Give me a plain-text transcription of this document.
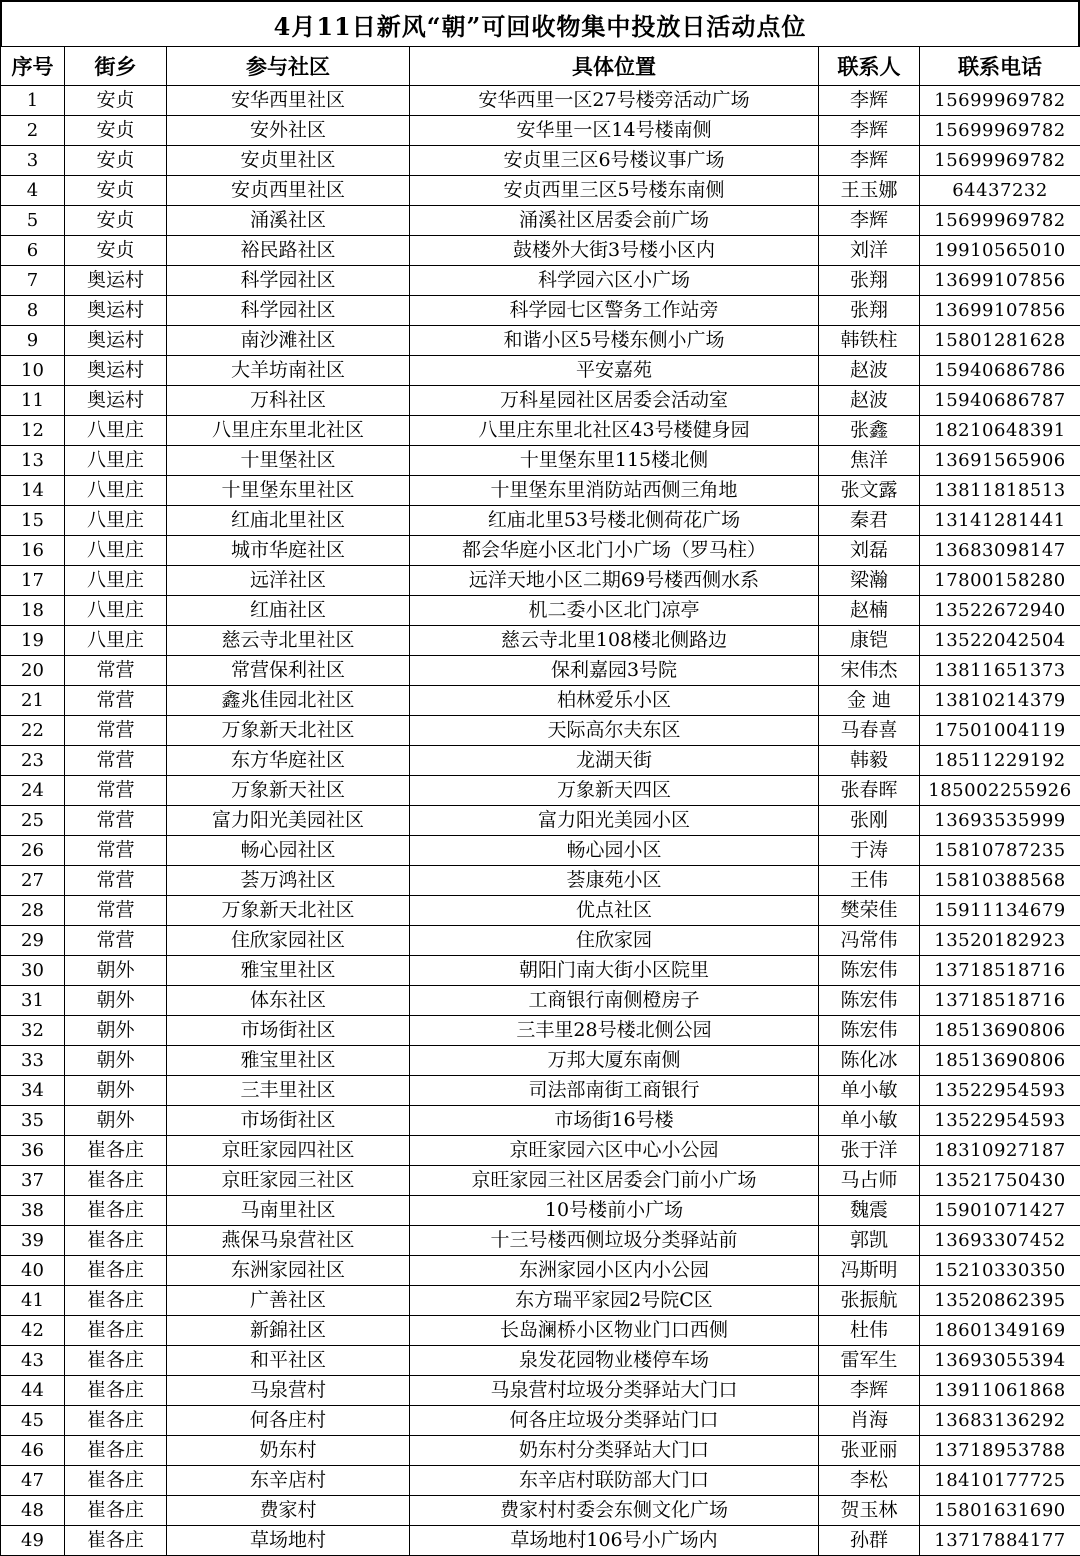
4月11日新风“朝”可回收物集中投放日活动点位
序号	街乡	参与社区	具体位置	联系人	联系电话
1	安贞	安华西里社区	安华西里一区27号楼旁活动广场	李辉	15699969782
2	安贞	安外社区	安华里一区14号楼南侧	李辉	15699969782
3	安贞	安贞里社区	安贞里三区6号楼议事广场	李辉	15699969782
4	安贞	安贞西里社区	安贞西里三区5号楼东南侧	王玉娜	64437232
5	安贞	涌溪社区	涌溪社区居委会前广场	李辉	15699969782
6	安贞	裕民路社区	鼓楼外大街3号楼小区内	刘洋	19910565010
7	奥运村	科学园社区	科学园六区小广场	张翔	13699107856
8	奥运村	科学园社区	科学园七区警务工作站旁	张翔	13699107856
9	奥运村	南沙滩社区	和谐小区5号楼东侧小广场	韩铁柱	15801281628
10	奥运村	大羊坊南社区	平安嘉苑	赵波	15940686786
11	奥运村	万科社区	万科星园社区居委会活动室	赵波	15940686787
12	八里庄	八里庄东里北社区	八里庄东里北社区43号楼健身园	张鑫	18210648391
13	八里庄	十里堡社区	十里堡东里115楼北侧	焦洋	13691565906
14	八里庄	十里堡东里社区	十里堡东里消防站西侧三角地	张文露	13811818513
15	八里庄	红庙北里社区	红庙北里53号楼北侧荷花广场	秦君	13141281441
16	八里庄	城市华庭社区	都会华庭小区北门小广场（罗马柱）	刘磊	13683098147
17	八里庄	远洋社区	远洋天地小区二期69号楼西侧水系	梁瀚	17800158280
18	八里庄	红庙社区	机二委小区北门凉亭	赵楠	13522672940
19	八里庄	慈云寺北里社区	慈云寺北里108楼北侧路边	康铠	13522042504
20	常营	常营保利社区	保利嘉园3号院	宋伟杰	13811651373
21	常营	鑫兆佳园北社区	柏林爱乐小区	金 迪	13810214379
22	常营	万象新天北社区	天际高尔夫东区	马春喜	17501004119
23	常营	东方华庭社区	龙湖天街	韩毅	18511229192
24	常营	万象新天社区	万象新天四区	张春晖	185002255926
25	常营	富力阳光美园社区	富力阳光美园小区	张刚	13693535999
26	常营	畅心园社区	畅心园小区	于涛	15810787235
27	常营	荟万鸿社区	荟康苑小区	王伟	15810388568
28	常营	万象新天北社区	优点社区	樊荣佳	15911134679
29	常营	住欣家园社区	住欣家园	冯常伟	13520182923
30	朝外	雅宝里社区	朝阳门南大街小区院里	陈宏伟	13718518716
31	朝外	体东社区	工商银行南侧橙房子	陈宏伟	13718518716
32	朝外	市场街社区	三丰里28号楼北侧公园	陈宏伟	18513690806
33	朝外	雅宝里社区	万邦大厦东南侧	陈化冰	18513690806
34	朝外	三丰里社区	司法部南街工商银行	单小敏	13522954593
35	朝外	市场街社区	市场街16号楼	单小敏	13522954593
36	崔各庄	京旺家园四社区	京旺家园六区中心小公园	张于洋	18310927187
37	崔各庄	京旺家园三社区	京旺家园三社区居委会门前小广场	马占师	13521750430
38	崔各庄	马南里社区	10号楼前小广场	魏震	15901071427
39	崔各庄	燕保马泉营社区	十三号楼西侧垃圾分类驿站前	郭凯	13693307452
40	崔各庄	东洲家园社区	东洲家园小区内小公园	冯斯明	15210330350
41	崔各庄	广善社区	东方瑞平家园2号院C区	张振航	13520862395
42	崔各庄	新錦社区	长岛澜桥小区物业门口西侧	杜伟	18601349169
43	崔各庄	和平社区	泉发花园物业楼停车场	雷军生	13693055394
44	崔各庄	马泉营村	马泉营村垃圾分类驿站大门口	李辉	13911061868
45	崔各庄	何各庄村	何各庄垃圾分类驿站门口	肖海	13683136292
46	崔各庄	奶东村	奶东村分类驿站大门口	张亚丽	13718953788
47	崔各庄	东辛店村	东辛店村联防部大门口	李松	18410177725
48	崔各庄	费家村	费家村村委会东侧文化广场	贺玉林	15801631690
49	崔各庄	草场地村	草场地村106号小广场内	孙群	13717884177
